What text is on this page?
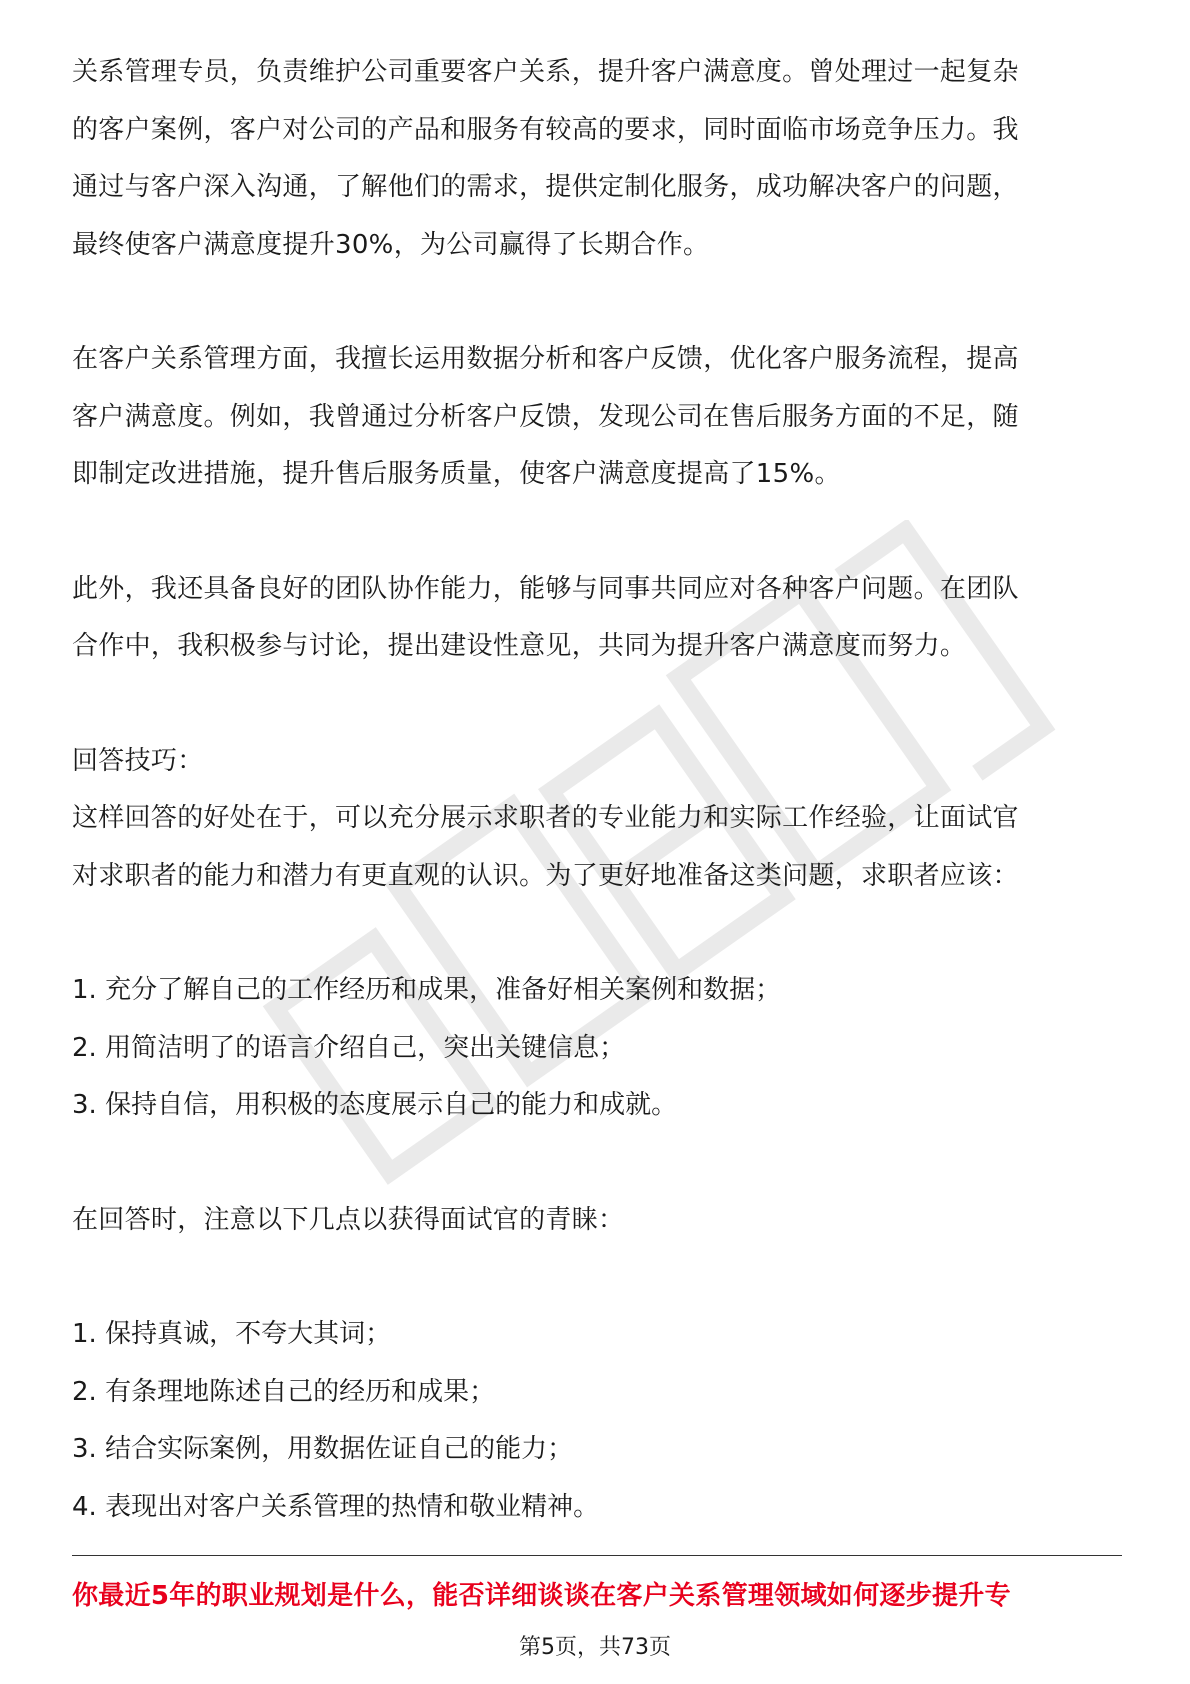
关系管理专员，负责维护公司重要客户关系，提升客户满意度。曾处理过一起复杂

的客户案例，客户对公司的产品和服务有较高的要求，同时面临市场竞争压力。我

通过与客户深入沟通，了解他们的需求，提供定制化服务，成功解决客户的问题，

最终使客户满意度提升30%，为公司赢得了长期合作。

在客户关系管理方面，我擅长运用数据分析和客户反馈，优化客户服务流程，提高

客户满意度。例如，我曾通过分析客户反馈，发现公司在售后服务方面的不足，随

即制定改进措施，提升售后服务质量，使客户满意度提高了15%。

此外，我还具备良好的团队协作能力，能够与同事共同应对各种客户问题。在团队

合作中，我积极参与讨论，提出建设性意见，共同为提升客户满意度而努力。

回答技巧：

这样回答的好处在于，可以充分展示求职者的专业能力和实际工作经验，让面试官

对求职者的能力和潜力有更直观的认识。为了更好地准备这类问题，求职者应该：

1. 充分了解自己的工作经历和成果，准备好相关案例和数据；

2. 用简洁明了的语言介绍自己，突出关键信息；

3. 保持自信，用积极的态度展示自己的能力和成就。

在回答时，注意以下几点以获得面试官的青睐：

1. 保持真诚，不夸大其词；

2. 有条理地陈述自己的经历和成果；

3. 结合实际案例，用数据佐证自己的能力；

4. 表现出对客户关系管理的热情和敬业精神。

你最近5年的职业规划是什么，能否详细谈谈在客户关系管理领域如何逐步提升专
第5页，共73页
